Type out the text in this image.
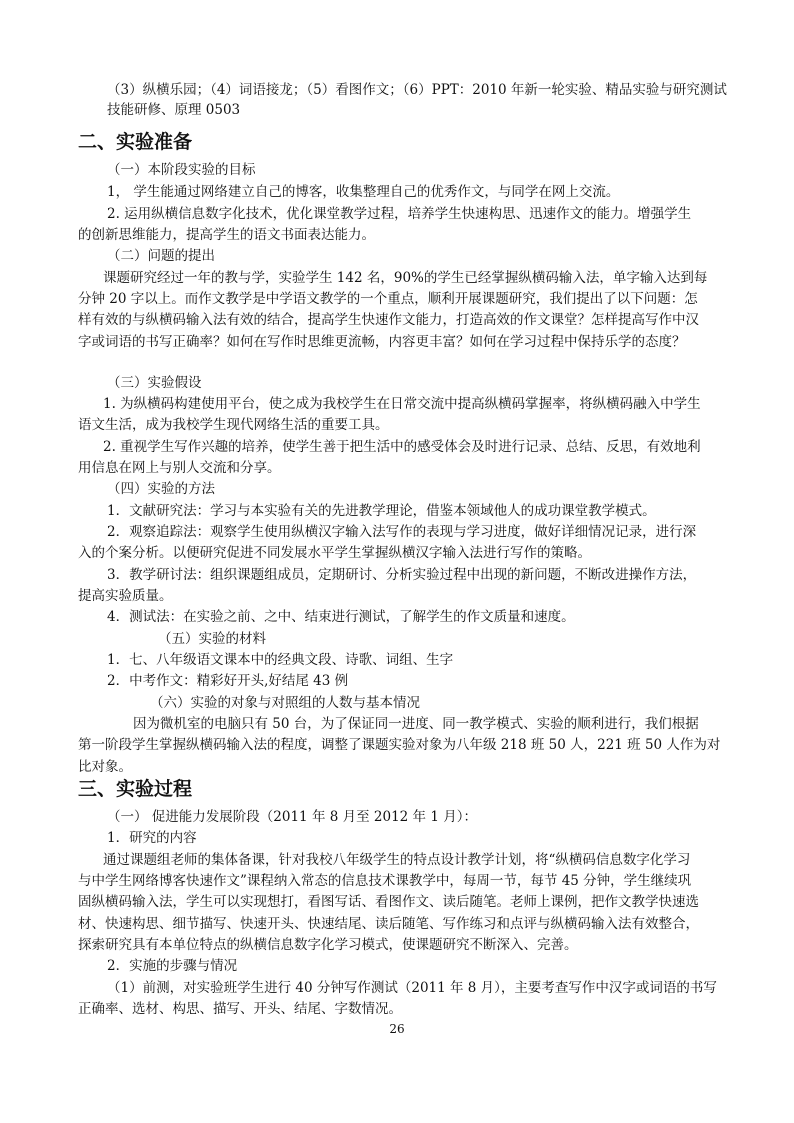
（3）纵横乐园；（4）词语接龙；（5）看图作文；（6）PPT：2010 年新一轮实验、精品实验与研究测试
技能研修、原理 0503
二、实验准备
（一）本阶段实验的目标
1， 学生能通过网络建立自己的博客，收集整理自己的优秀作文，与同学在网上交流。
2. 运用纵横信息数字化技术，优化课堂教学过程，培养学生快速构思、迅速作文的能力。增强学生
的创新思维能力，提高学生的语文书面表达能力。
（二）问题的提出
课题研究经过一年的教与学，实验学生 142 名，90%的学生已经掌握纵横码输入法，单字输入达到每
分钟 20 字以上。而作文教学是中学语文教学的一个重点，顺利开展课题研究，我们提出了以下问题：怎
样有效的与纵横码输入法有效的结合，提高学生快速作文能力，打造高效的作文课堂？怎样提高写作中汉
字或词语的书写正确率？如何在写作时思维更流畅，内容更丰富？如何在学习过程中保持乐学的态度？
（三）实验假设
1. 为纵横码构建使用平台，使之成为我校学生在日常交流中提高纵横码掌握率，将纵横码融入中学生
语文生活，成为我校学生现代网络生活的重要工具。
2. 重视学生写作兴趣的培养，使学生善于把生活中的感受体会及时进行记录、总结、反思，有效地利
用信息在网上与别人交流和分享。
（四）实验的方法
1．文献研究法：学习与本实验有关的先进教学理论，借鉴本领域他人的成功课堂教学模式。
2．观察追踪法：观察学生使用纵横汉字输入法写作的表现与学习进度，做好详细情况记录，进行深
入的个案分析。以便研究促进不同发展水平学生掌握纵横汉字输入法进行写作的策略。
3．教学研讨法：组织课题组成员，定期研讨、分析实验过程中出现的新问题，不断改进操作方法，
提高实验质量。
4．测试法：在实验之前、之中、结束进行测试，了解学生的作文质量和速度。
（五）实验的材料
1．七、八年级语文课本中的经典文段、诗歌、词组、生字
2．中考作文：精彩好开头,好结尾 43 例
（六）实验的对象与对照组的人数与基本情况
因为微机室的电脑只有 50 台，为了保证同一进度、同一教学模式、实验的顺利进行，我们根据
第一阶段学生掌握纵横码输入法的程度，调整了课题实验对象为八年级 218 班 50 人，221 班 50 人作为对
比对象。
三、实验过程
（一） 促进能力发展阶段（2011 年 8 月至 2012 年 1 月）：
1．研究的内容
通过课题组老师的集体备课，针对我校八年级学生的特点设计教学计划，将“纵横码信息数字化学习
与中学生网络博客快速作文”课程纳入常态的信息技术课教学中，每周一节，每节 45 分钟，学生继续巩
固纵横码输入法，学生可以实现想打，看图写话、看图作文、读后随笔。老师上课例，把作文教学快速选
材、快速构思、细节描写、快速开头、快速结尾、读后随笔、写作练习和点评与纵横码输入法有效整合，
探索研究具有本单位特点的纵横信息数字化学习模式，使课题研究不断深入、完善。
2．实施的步骤与情况
（1）前测，对实验班学生进行 40 分钟写作测试（2011 年 8 月），主要考查写作中汉字或词语的书写
正确率、选材、构思、描写、开头、结尾、字数情况。
26
